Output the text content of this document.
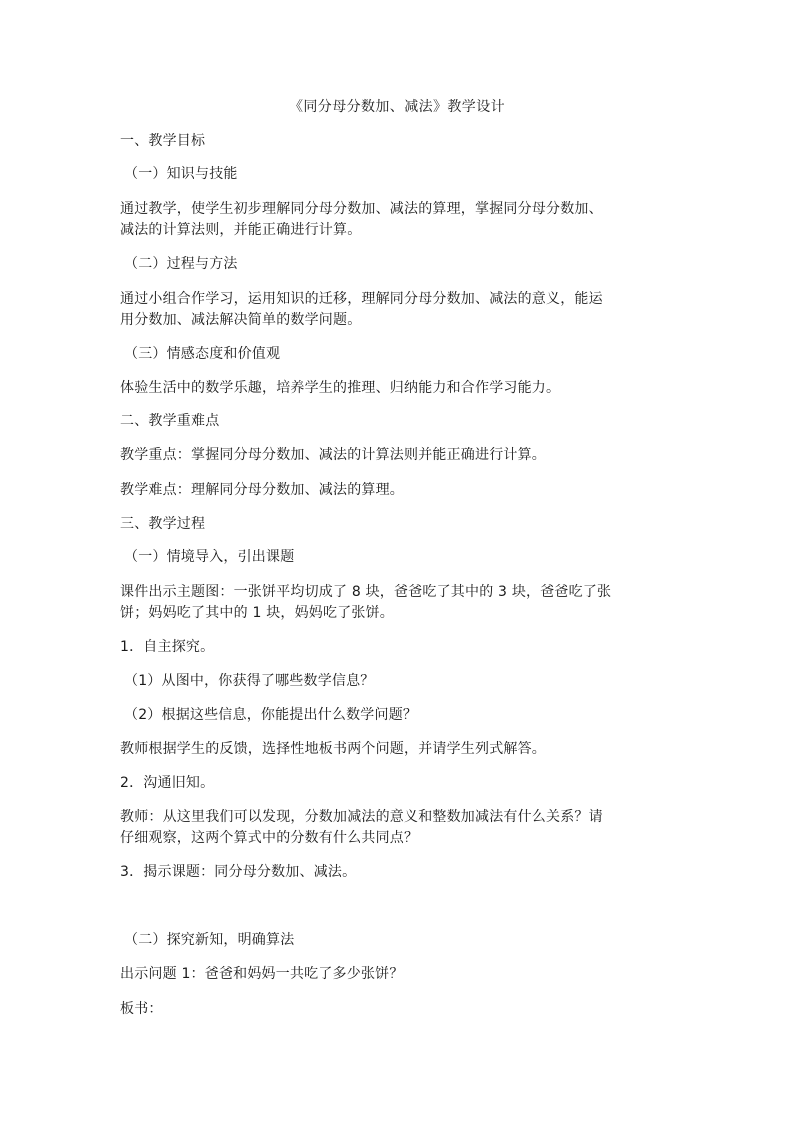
《同分母分数加、减法》教学设计
一、教学目标
（一）知识与技能
通过教学，使学生初步理解同分母分数加、减法的算理，掌握同分母分数加、
减法的计算法则，并能正确进行计算。
（二）过程与方法
通过小组合作学习，运用知识的迁移，理解同分母分数加、减法的意义，能运
用分数加、减法解决简单的数学问题。
（三）情感态度和价值观
体验生活中的数学乐趣，培养学生的推理、归纳能力和合作学习能力。
二、教学重难点
教学重点：掌握同分母分数加、减法的计算法则并能正确进行计算。
教学难点：理解同分母分数加、减法的算理。
三、教学过程
（一）情境导入，引出课题
课件出示主题图：一张饼平均切成了 8 块，爸爸吃了其中的 3 块，爸爸吃了张
饼；妈妈吃了其中的 1 块，妈妈吃了张饼。
1．自主探究。
（1）从图中，你获得了哪些数学信息？
（2）根据这些信息，你能提出什么数学问题？
教师根据学生的反馈，选择性地板书两个问题，并请学生列式解答。
2．沟通旧知。
教师：从这里我们可以发现，分数加减法的意义和整数加减法有什么关系？请
仔细观察，这两个算式中的分数有什么共同点？
3．揭示课题：同分母分数加、减法。
（二）探究新知，明确算法
出示问题 1：爸爸和妈妈一共吃了多少张饼？
板书：
